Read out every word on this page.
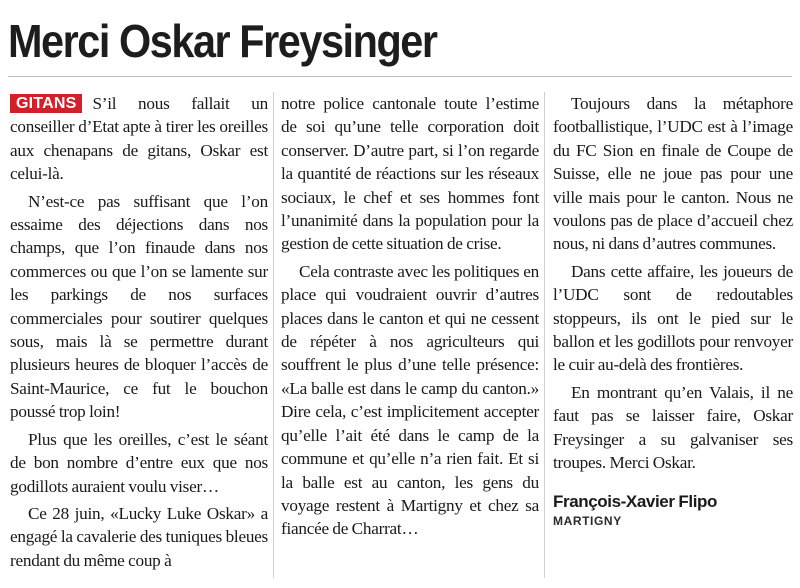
Merci Oskar Freysinger

GITANS S’il nous fallait un conseiller d’Etat apte à tirer les oreilles aux chenapans de gitans, Oskar est celui-là.

N’est-ce pas suffisant que l’on essaime des déjections dans nos champs, que l’on finaude dans nos commerces ou que l’on se lamente sur les parkings de nos surfaces commerciales pour soutirer quelques sous, mais là se permettre durant plusieurs heures de bloquer l’accès de Saint-Maurice, ce fut le bouchon poussé trop loin!

Plus que les oreilles, c’est le séant de bon nombre d’entre eux que nos godillots auraient voulu viser…

Ce 28 juin, «Lucky Luke Oskar» a engagé la cavalerie des tuniques bleues rendant du même coup à

notre police cantonale toute l’estime de soi qu’une telle corporation doit conserver. D’autre part, si l’on regarde la quantité de réactions sur les réseaux sociaux, le chef et ses hommes font l’unanimité dans la population pour la gestion de cette situation de crise.

Cela contraste avec les politiques en place qui voudraient ouvrir d’autres places dans le canton et qui ne cessent de répéter à nos agriculteurs qui souffrent le plus d’une telle présence: «La balle est dans le camp du canton.» Dire cela, c’est implicitement accepter qu’elle l’ait été dans le camp de la commune et qu’elle n’a rien fait. Et si la balle est au canton, les gens du voyage restent à Martigny et chez sa fiancée de Charrat…

Toujours dans la métaphore footballistique, l’UDC est à l’image du FC Sion en finale de Coupe de Suisse, elle ne joue pas pour une ville mais pour le canton. Nous ne voulons pas de place d’accueil chez nous, ni dans d’autres communes.

Dans cette affaire, les joueurs de l’UDC sont de redoutables stoppeurs, ils ont le pied sur le ballon et les godillots pour renvoyer le cuir au-delà des frontières.

En montrant qu’en Valais, il ne faut pas se laisser faire, Oskar Freysinger a su galvaniser ses troupes. Merci Oskar.

François-Xavier Flipo
MARTIGNY
